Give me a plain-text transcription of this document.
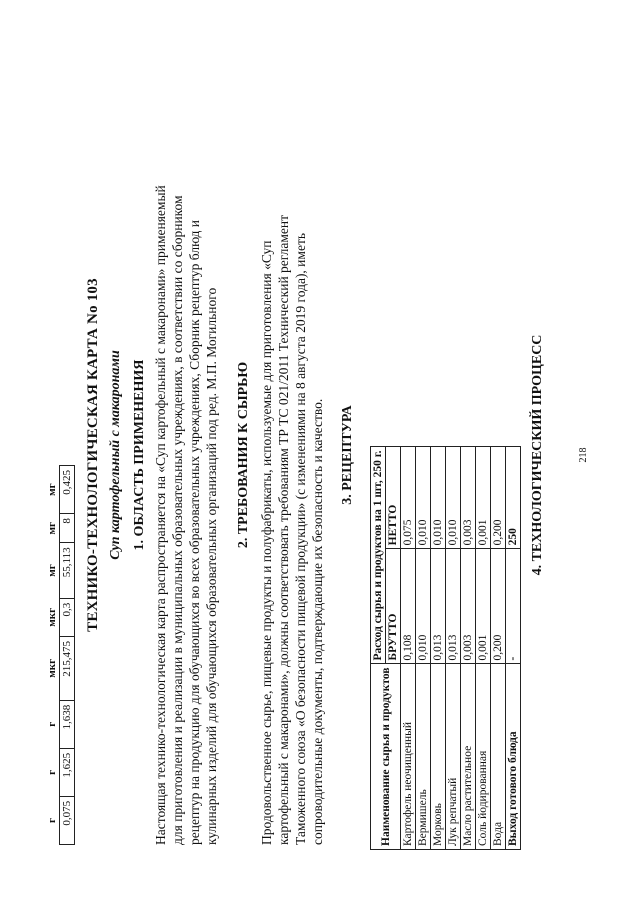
г	г	г	мкг	мкг	мг	мг	мг
0,075	1,625	1,638	215,475	0,3	55,113	8	0,425 ТЕХНИКО-ТЕХНОЛОГИЧЕСКАЯ КАРТА No 103 Суп картофельный с макаронами 1. ОБЛАСТЬ ПРИМЕНЕНИЯ Настоящая технико-технологическая карта распространяется на «Суп картофельный с макаронами» применяемый для приготовления и реализации в муниципальных образовательных учреждениях, в соответствии со сборником рецептур на продукцию для обучающихся во всех образовательных учреждениях, Сборник рецептур блюд и кулинарных изделий для обучающихся образовательных организаций под ред. М.П. Могильного 2. ТРЕБОВАНИЯ К СЫРЬЮ Продовольственное сырье, пищевые продукты и полуфабрикаты, используемые для приготовления «Суп картофельный с макаронами», должны соответствовать требованиям ТР ТС 021/2011 Технический регламент Таможенного союза «О безопасности пищевой продукции» (с изменениями на 8 августа 2019 года), иметь сопроводительные документы, подтверждающие их безопасность и качество. 3. РЕЦЕПТУРА
Наименование сырья и продуктов	Расход сырья и продуктов на 1 шт, 250 г.	
	БРУТТО	НЕТТО
Картофель неочищенный	0,108	0,075
Вермишель	0,010	0,010
Морковь	0,013	0,010
Лук репчатый	0,013	0,010
Масло растительное	0,003	0,003
Соль йодированная	0,001	0,001
Вода	0,200	0,200
Выход готового блюда	-	250 4. ТЕХНОЛОГИЧЕСКИЙ ПРОЦЕСС	218
